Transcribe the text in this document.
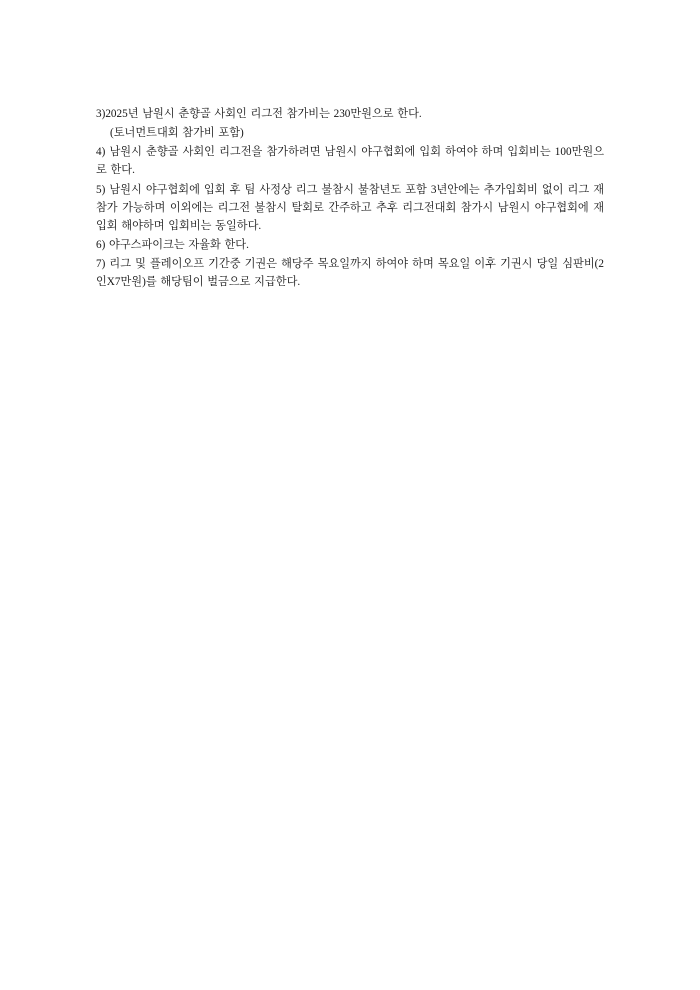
3)2025년 남원시 춘향골 사회인 리그전 참가비는 230만원으로 한다.

(토너먼트대회 참가비 포함)

4) 남원시 춘향골 사회인 리그전을 참가하려면 남원시 야구협회에 입회 하여야 하며 입회비는 100만원으로 한다.

5) 남원시 야구협회에 입회 후 팀 사정상 리그 불참시 불참년도 포함 3년안에는 추가입회비 없이 리그 재 참가 가능하며 이외에는 리그전 불참시 탈회로 간주하고 추후 리그전대회 참가시 남원시 야구협회에 재입회 해야하며 입회비는 동일하다.

6) 야구스파이크는 자율화 한다.

7) 리그 및 플레이오프 기간중 기권은 해당주 목요일까지 하여야 하며 목요일 이후 기권시 당일 심판비(2인X7만원)를 해당팀이 벌금으로 지급한다.
